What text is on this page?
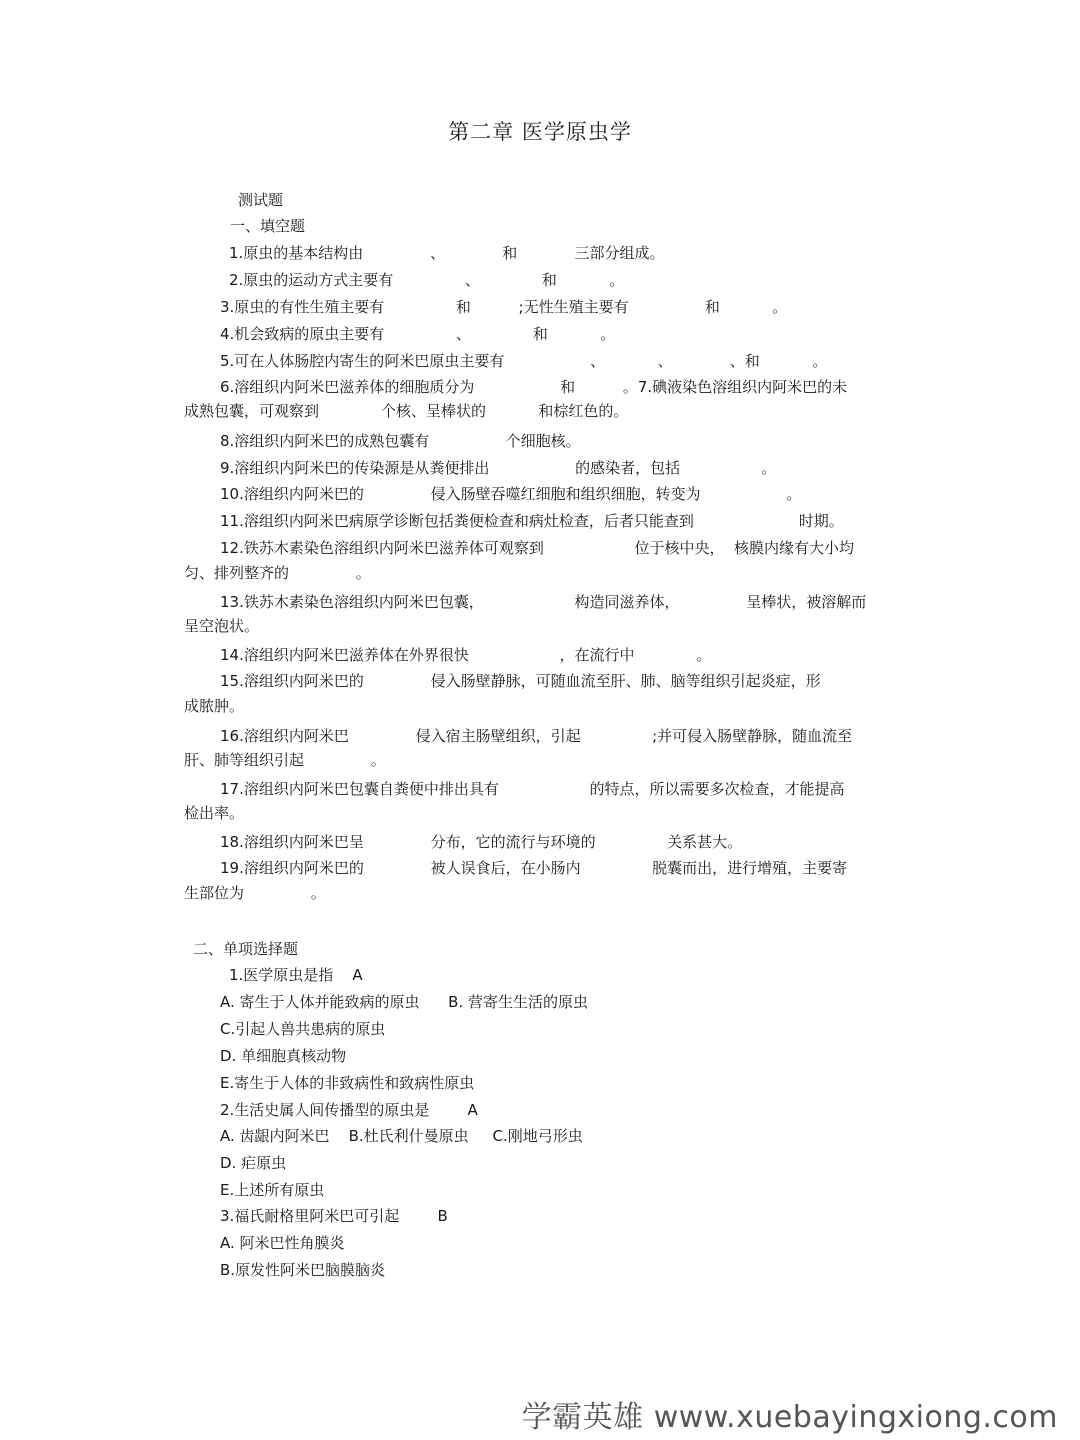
第二章 医学原虫学
测试题
一、填空题
1.原虫的基本结构由              、            和            三部分组成。
2.原虫的运动方式主要有               、             和           。
3.原虫的有性生殖主要有               和          ;无性生殖主要有                和           。
4.机会致病的原虫主要有               、             和           。
5.可在人体肠腔内寄生的阿米巴原虫主要有                  、           、            、和           。
6.溶组织内阿米巴滋养体的细胞质分为                  和          。7.碘液染色溶组织内阿米巴的未
成熟包囊，可观察到             个核、呈棒状的           和棕红色的。
8.溶组织内阿米巴的成熟包囊有                个细胞核。
9.溶组织内阿米巴的传染源是从粪便排出                  的感染者，包括                 。
10.溶组织内阿米巴的              侵入肠壁吞噬红细胞和组织细胞，转变为                  。
11.溶组织内阿米巴病原学诊断包括粪便检查和病灶检查，后者只能查到                      时期。
12.铁苏木素染色溶组织内阿米巴滋养体可观察到                   位于核中央，  核膜内缘有大小均
匀、排列整齐的              。
13.铁苏木素染色溶组织内阿米巴包囊，                   构造同滋养体，              呈棒状，被溶解而
呈空泡状。
14.溶组织内阿米巴滋养体在外界很快                   ，在流行中             。
15.溶组织内阿米巴的              侵入肠壁静脉，可随血流至肝、肺、脑等组织引起炎症，形
成脓肿。
16.溶组织内阿米巴              侵入宿主肠壁组织，引起               ;并可侵入肠壁静脉，随血流至
肝、肺等组织引起              。
17.溶组织内阿米巴包囊自粪便中排出具有                   的特点，所以需要多次检查，才能提高
检出率。
18.溶组织内阿米巴呈              分布，它的流行与环境的               关系甚大。
19.溶组织内阿米巴的              被人误食后，在小肠内               脱囊而出，进行增殖，主要寄
生部位为              。
二、单项选择题
1.医学原虫是指    A
A. 寄生于人体并能致病的原虫      B. 营寄生生活的原虫
C.引起人兽共患病的原虫
D. 单细胞真核动物
E.寄生于人体的非致病性和致病性原虫
2.生活史属人间传播型的原虫是        A
A. 齿龈内阿米巴    B.杜氏利什曼原虫     C.刚地弓形虫
D. 疟原虫
E.上述所有原虫
3.福氏耐格里阿米巴可引起        B
A. 阿米巴性角膜炎
B.原发性阿米巴脑膜脑炎
学霸英雄 www.xuebayingxiong.com
